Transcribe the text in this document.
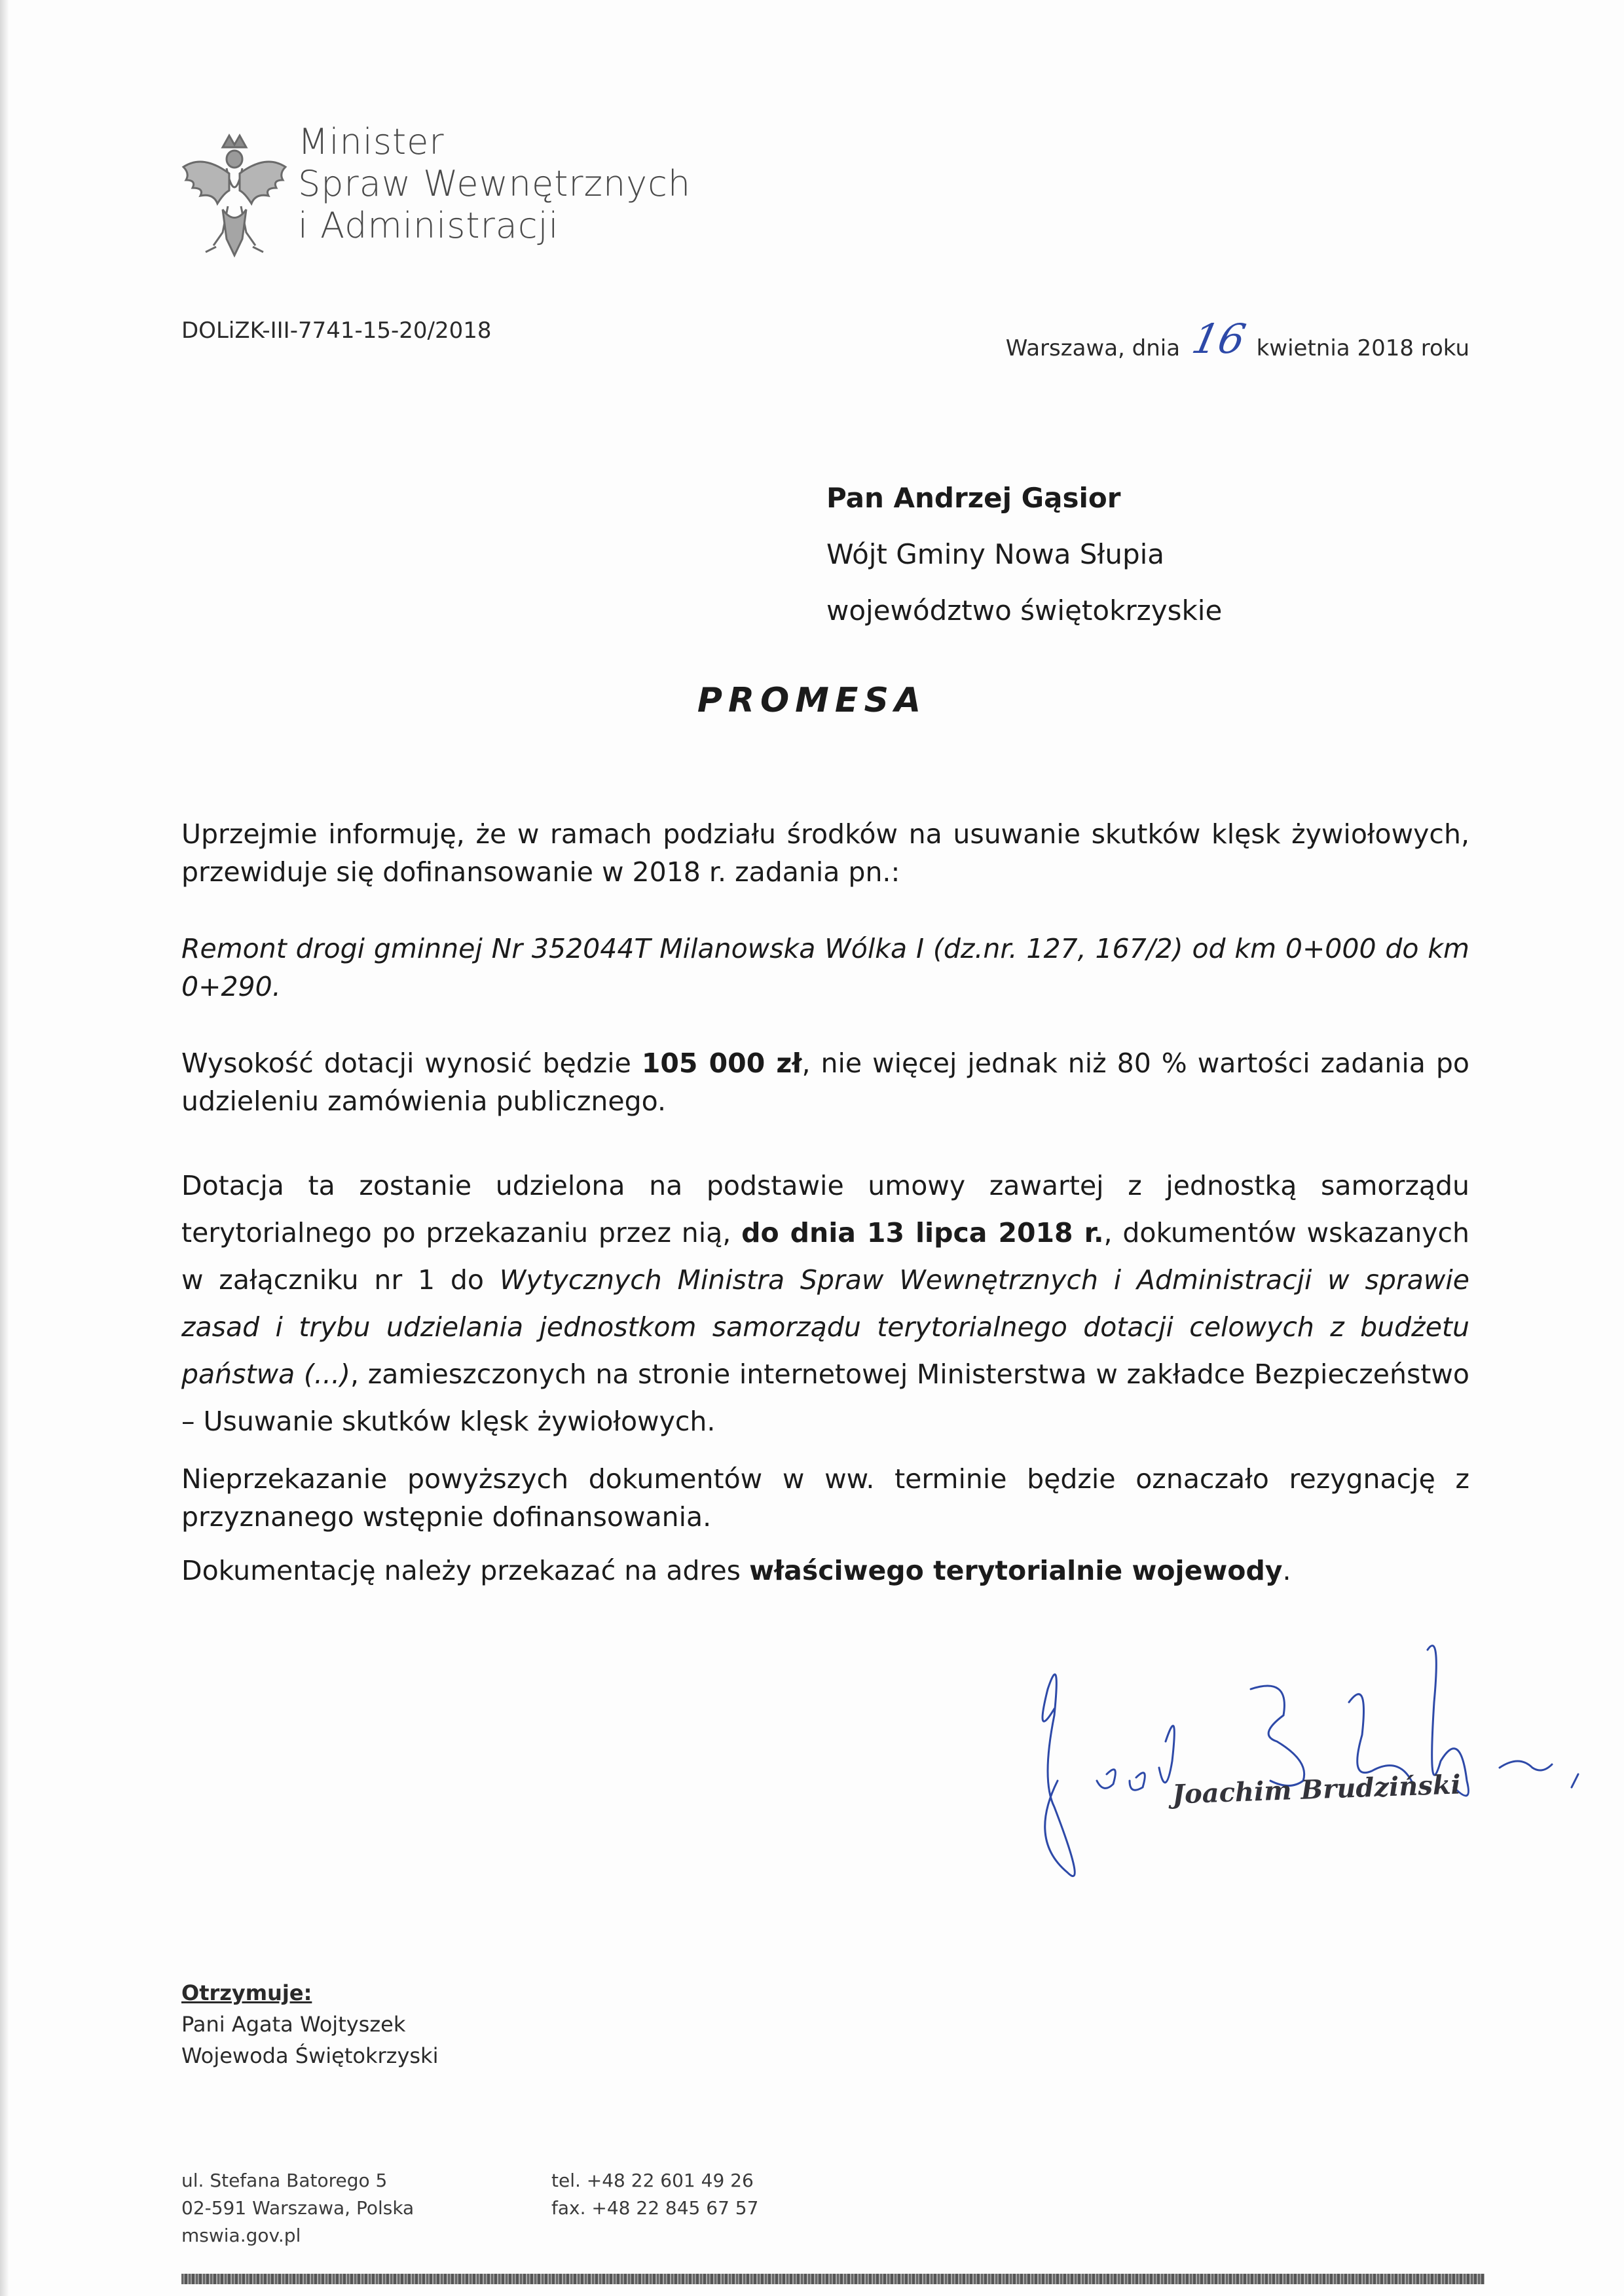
Minister
Spraw Wewnętrznych
i Administracji
DOLiZK-III-7741-15-20/2018
Warszawa, dnia 16 kwietnia 2018 roku
Pan Andrzej Gąsior
Wójt Gminy Nowa Słupia
województwo świętokrzyskie
PROMESA
Uprzejmie informuję, że w ramach podziału środków na usuwanie skutków klęsk żywiołowych, przewiduje się dofinansowanie w 2018 r. zadania pn.:
Remont drogi gminnej Nr 352044T Milanowska Wólka I (dz.nr. 127, 167/2) od km 0+000 do km 0+290.
Wysokość dotacji wynosić będzie 105 000 zł, nie więcej jednak niż 80 % wartości zadania po udzieleniu zamówienia publicznego.
Dotacja ta zostanie udzielona na podstawie umowy zawartej z jednostką samorządu terytorialnego po przekazaniu przez nią, do dnia 13 lipca 2018 r., dokumentów wskazanych w załączniku nr 1 do Wytycznych Ministra Spraw Wewnętrznych i Administracji w sprawie zasad i trybu udzielania jednostkom samorządu terytorialnego dotacji celowych z budżetu państwa (...), zamieszczonych na stronie internetowej Ministerstwa w zakładce Bezpieczeństwo – Usuwanie skutków klęsk żywiołowych.
Nieprzekazanie powyższych dokumentów w ww. terminie będzie oznaczało rezygnację z przyznanego wstępnie dofinansowania.
Dokumentację należy przekazać na adres właściwego terytorialnie wojewody.
Joachim Brudziński
Otrzymuje:
Pani Agata Wojtyszek
Wojewoda Świętokrzyski
ul. Stefana Batorego 5
02-591 Warszawa, Polska
mswia.gov.pl
tel. +48 22 601 49 26
fax. +48 22 845 67 57
